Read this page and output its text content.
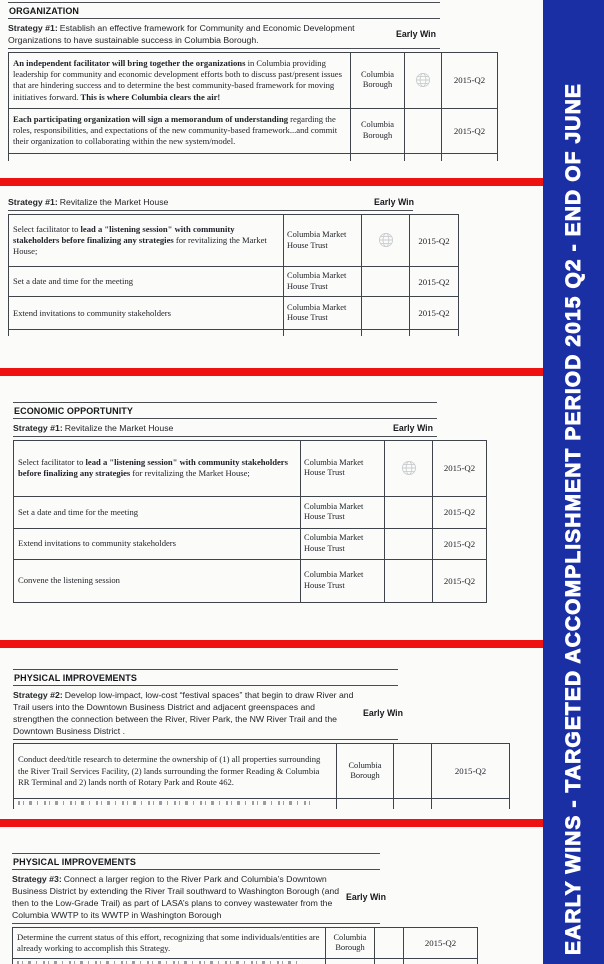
ORGANIZATION

Strategy #1: Establish an effective framework for Community and Economic Development Organizations to have sustainable success in Columbia Borough.

Early Win
An independent facilitator will bring together the organizations in Columbia providing leadership for community and economic development efforts both to discuss past/present issues that are hindering success and to determine the best community-based framework for moving initiatives forward. This is where Columbia clears the air!	Columbia Borough		2015-Q2
Each participating organization will sign a memorandum of understanding regarding the roles, responsibilities, and expectations of the new community-based framework...and commit their organization to collaborating within the new system/model.	Columbia Borough		2015-Q2

Strategy #1: Revitalize the Market House	Early Win
Select facilitator to lead a "listening session" with community stakeholders before finalizing any strategies for revitalizing the Market House;	Columbia Market House Trust		2015-Q2
Set a date and time for the meeting	Columbia Market House Trust		2015-Q2
Extend invitations to community stakeholders	Columbia Market House Trust		2015-Q2

ECONOMIC OPPORTUNITY

Strategy #1: Revitalize the Market House	Early Win
Select facilitator to lead a "listening session" with community stakeholders before finalizing any strategies for revitalizing the Market House;	Columbia Market House Trust		2015-Q2
Set a date and time for the meeting	Columbia Market House Trust		2015-Q2
Extend invitations to community stakeholders	Columbia Market House Trust		2015-Q2
Convene the listening session	Columbia Market House Trust		2015-Q2
PHYSICAL IMPROVEMENTS

Strategy #2: Develop low-impact, low-cost “festival spaces” that begin to draw River and Trail users into the Downtown Business District and adjacent greenspaces and strengthen the connection between the River, River Park, the NW River Trail and the Downtown Business District .

Early Win
Conduct deed/title research to determine the ownership of (1) all properties surrounding the River Trail Services Facility, (2) lands surrounding the former Reading & Columbia RR Terminal and 2) lands north of Rotary Park and Route 462.	Columbia Borough		2015-Q2

PHYSICAL IMPROVEMENTS

Strategy #3: Connect a larger region to the River Park and Columbia’s Downtown Business District by extending the River Trail southward to Washington Borough (and then to the Low-Grade Trail) as part of LASA’s plans to convey wastewater from the Columbia WWTP to its WWTP in Washington Borough

Early Win
Determine the current status of this effort, recognizing that some individuals/entities are already working to accomplish this Strategy.	Columbia Borough		2015-Q2

				EARLY WINS - TARGETED ACCOMPLISHMENT PERIOD 2015 Q2 - END OF JUNE
